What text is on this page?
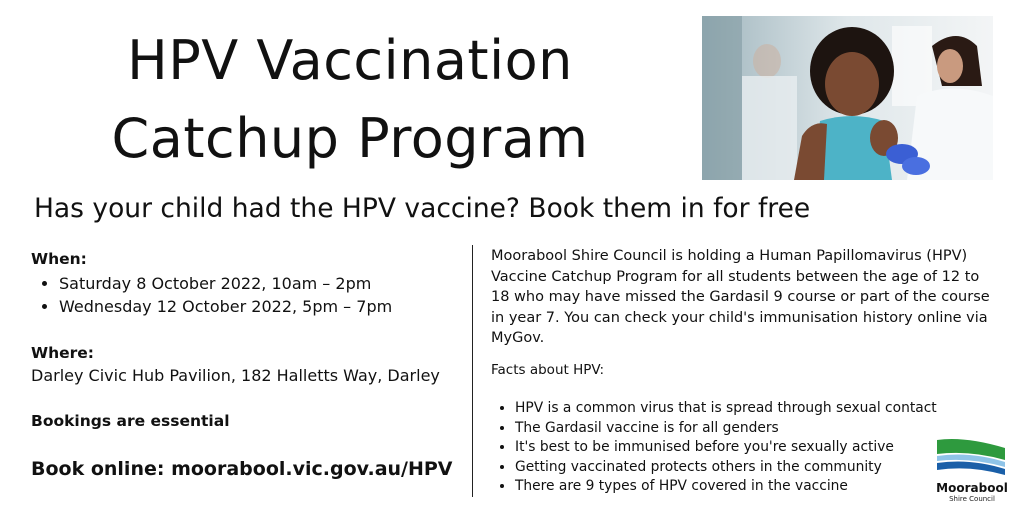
HPV Vaccination
Catchup Program
Has your child had the HPV vaccine? Book them in for free
When:
• Saturday 8 October 2022, 10am – 2pm
• Wednesday 12 October 2022, 5pm – 7pm
Where:
Darley Civic Hub Pavilion, 182 Halletts Way, Darley
Bookings are essential
Book online: moorabool.vic.gov.au/HPV

Moorabool Shire Council is holding a Human Papillomavirus (HPV) Vaccine Catchup Program for all students between the age of 12 to 18 who may have missed the Gardasil 9 course or part of the course in year 7. You can check your child's immunisation history online via MyGov.

Facts about HPV:
• HPV is a common virus that is spread through sexual contact
• The Gardasil vaccine is for all genders
• It's best to be immunised before you're sexually active
• Getting vaccinated protects others in the community
• There are 9 types of HPV covered in the vaccine	Moorabool
Shire Council
